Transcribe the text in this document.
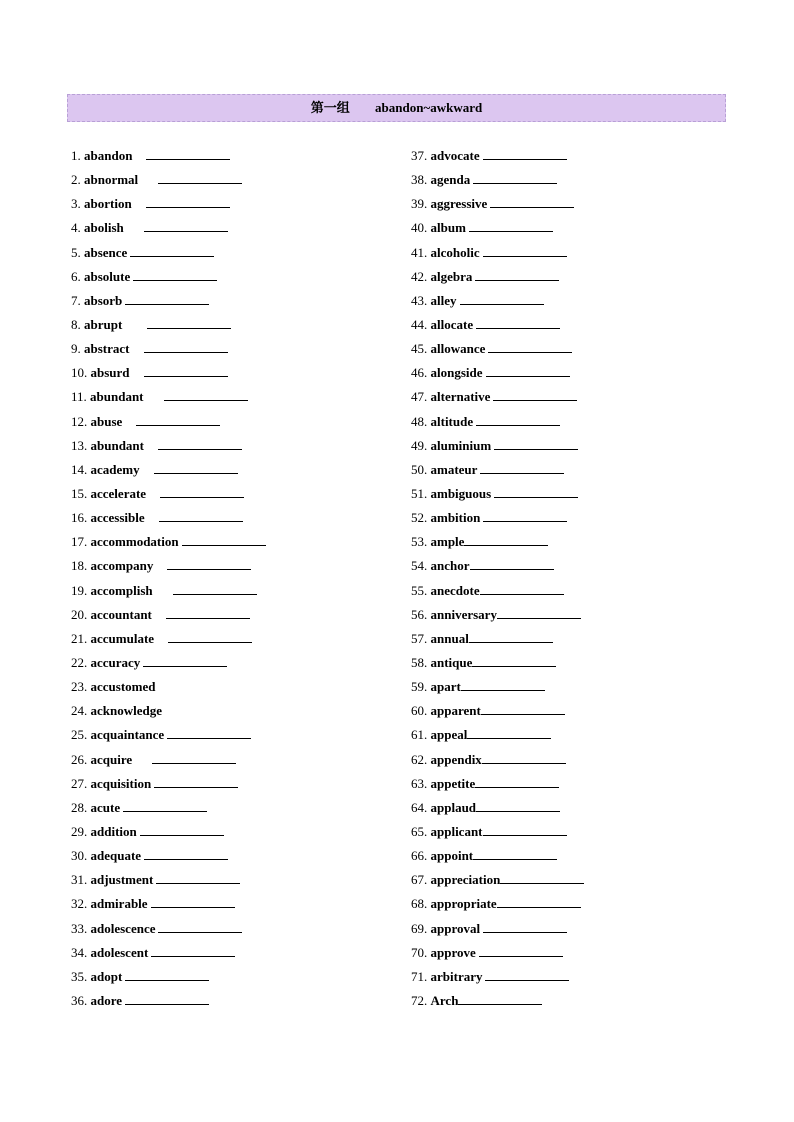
第一组 abandon~awkward
1. abandon
2. abnormal
3. abortion
4. abolish
5. absence
6. absolute
7. absorb
8. abrupt
9. abstract
10. absurd
11. abundant
12. abuse
13. abundant
14. academy
15. accelerate
16. accessible
17. accommodation
18. accompany
19. accomplish
20. accountant
21. accumulate
22. accuracy
23. accustomed
24. acknowledge
25. acquaintance
26. acquire
27. acquisition
28. acute
29. addition
30. adequate
31. adjustment
32. admirable
33. adolescence
34. adolescent
35. adopt
36. adore
37. advocate
38. agenda
39. aggressive
40. album
41. alcoholic
42. algebra
43. alley
44. allocate
45. allowance
46. alongside
47. alternative
48. altitude
49. aluminium
50. amateur
51. ambiguous
52. ambition
53. ample
54. anchor
55. anecdote
56. anniversary
57. annual
58. antique
59. apart
60. apparent
61. appeal
62. appendix
63. appetite
64. applaud
65. applicant
66. appoint
67. appreciation
68. appropriate
69. approval
70. approve
71. arbitrary
72. Arch
